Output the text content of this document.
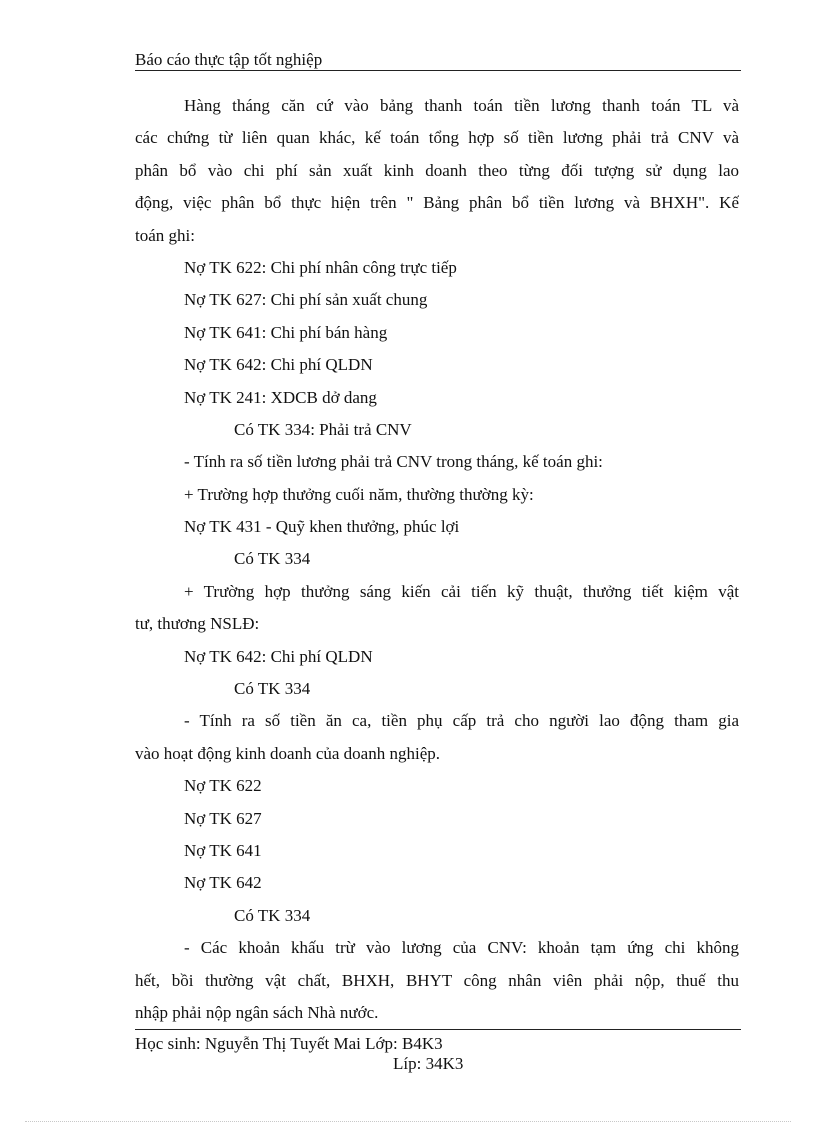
Báo cáo thực tập tốt nghiệp
Hàng tháng căn cứ vào bảng thanh toán tiền lương thanh toán TL và
các chứng từ liên quan khác, kế toán tổng hợp số tiền lương phải trả CNV và
phân bổ vào chi phí sản xuất kinh doanh theo từng đối tượng sử dụng lao
động, việc phân bổ thực hiện trên " Bảng phân bổ tiền lương và BHXH". Kế
toán ghi:
Nợ TK 622: Chi phí nhân công trực tiếp
Nợ TK 627: Chi phí sản xuất chung
Nợ TK 641: Chi phí bán hàng
Nợ TK 642: Chi phí QLDN
Nợ TK 241: XDCB dở dang
Có TK 334: Phải trả CNV
- Tính ra số tiền lương phải trả CNV trong tháng, kế toán ghi:
+ Trường hợp thưởng cuối năm, thường thường kỳ:
Nợ TK 431 - Quỹ khen thưởng, phúc lợi
Có TK 334
+ Trường hợp thưởng sáng kiến cải tiến kỹ thuật, thưởng tiết kiệm vật
tư, thương NSLĐ:
Nợ TK 642: Chi phí QLDN
Có TK 334
- Tính ra số tiền ăn ca, tiền phụ cấp trả cho người lao động tham gia
vào hoạt động kinh doanh của doanh nghiệp.
Nợ TK 622
Nợ TK 627
Nợ TK 641
Nợ TK 642
Có TK 334
- Các khoản khấu trừ vào lương của CNV: khoản tạm ứng chi không
hết, bồi thường vật chất, BHXH, BHYT công nhân viên phải nộp, thuế thu
nhập phải nộp ngân sách Nhà nước.
Học sinh: Nguyễn Thị Tuyết Mai Lớp: B4K3
Líp: 34K3
